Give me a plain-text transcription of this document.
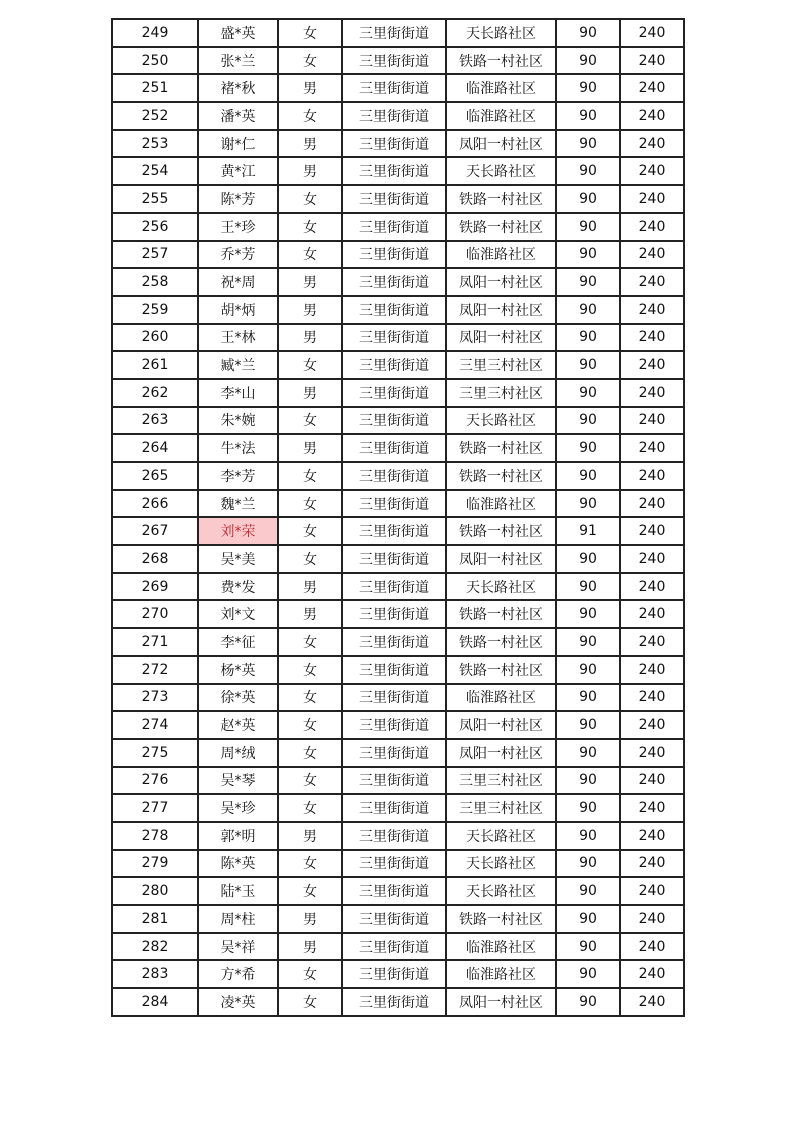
249	盛*英	女	三里街街道	天长路社区	90	240
250	张*兰	女	三里街街道	铁路一村社区	90	240
251	褚*秋	男	三里街街道	临淮路社区	90	240
252	潘*英	女	三里街街道	临淮路社区	90	240
253	谢*仁	男	三里街街道	凤阳一村社区	90	240
254	黄*江	男	三里街街道	天长路社区	90	240
255	陈*芳	女	三里街街道	铁路一村社区	90	240
256	王*珍	女	三里街街道	铁路一村社区	90	240
257	乔*芳	女	三里街街道	临淮路社区	90	240
258	祝*周	男	三里街街道	凤阳一村社区	90	240
259	胡*炳	男	三里街街道	凤阳一村社区	90	240
260	王*林	男	三里街街道	凤阳一村社区	90	240
261	臧*兰	女	三里街街道	三里三村社区	90	240
262	李*山	男	三里街街道	三里三村社区	90	240
263	朱*婉	女	三里街街道	天长路社区	90	240
264	牛*法	男	三里街街道	铁路一村社区	90	240
265	李*芳	女	三里街街道	铁路一村社区	90	240
266	魏*兰	女	三里街街道	临淮路社区	90	240
267	刘*荣	女	三里街街道	铁路一村社区	91	240
268	吴*美	女	三里街街道	凤阳一村社区	90	240
269	费*发	男	三里街街道	天长路社区	90	240
270	刘*文	男	三里街街道	铁路一村社区	90	240
271	李*征	女	三里街街道	铁路一村社区	90	240
272	杨*英	女	三里街街道	铁路一村社区	90	240
273	徐*英	女	三里街街道	临淮路社区	90	240
274	赵*英	女	三里街街道	凤阳一村社区	90	240
275	周*绒	女	三里街街道	凤阳一村社区	90	240
276	吴*琴	女	三里街街道	三里三村社区	90	240
277	吴*珍	女	三里街街道	三里三村社区	90	240
278	郭*明	男	三里街街道	天长路社区	90	240
279	陈*英	女	三里街街道	天长路社区	90	240
280	陆*玉	女	三里街街道	天长路社区	90	240
281	周*柱	男	三里街街道	铁路一村社区	90	240
282	吴*祥	男	三里街街道	临淮路社区	90	240
283	方*希	女	三里街街道	临淮路社区	90	240
284	凌*英	女	三里街街道	凤阳一村社区	90	240
